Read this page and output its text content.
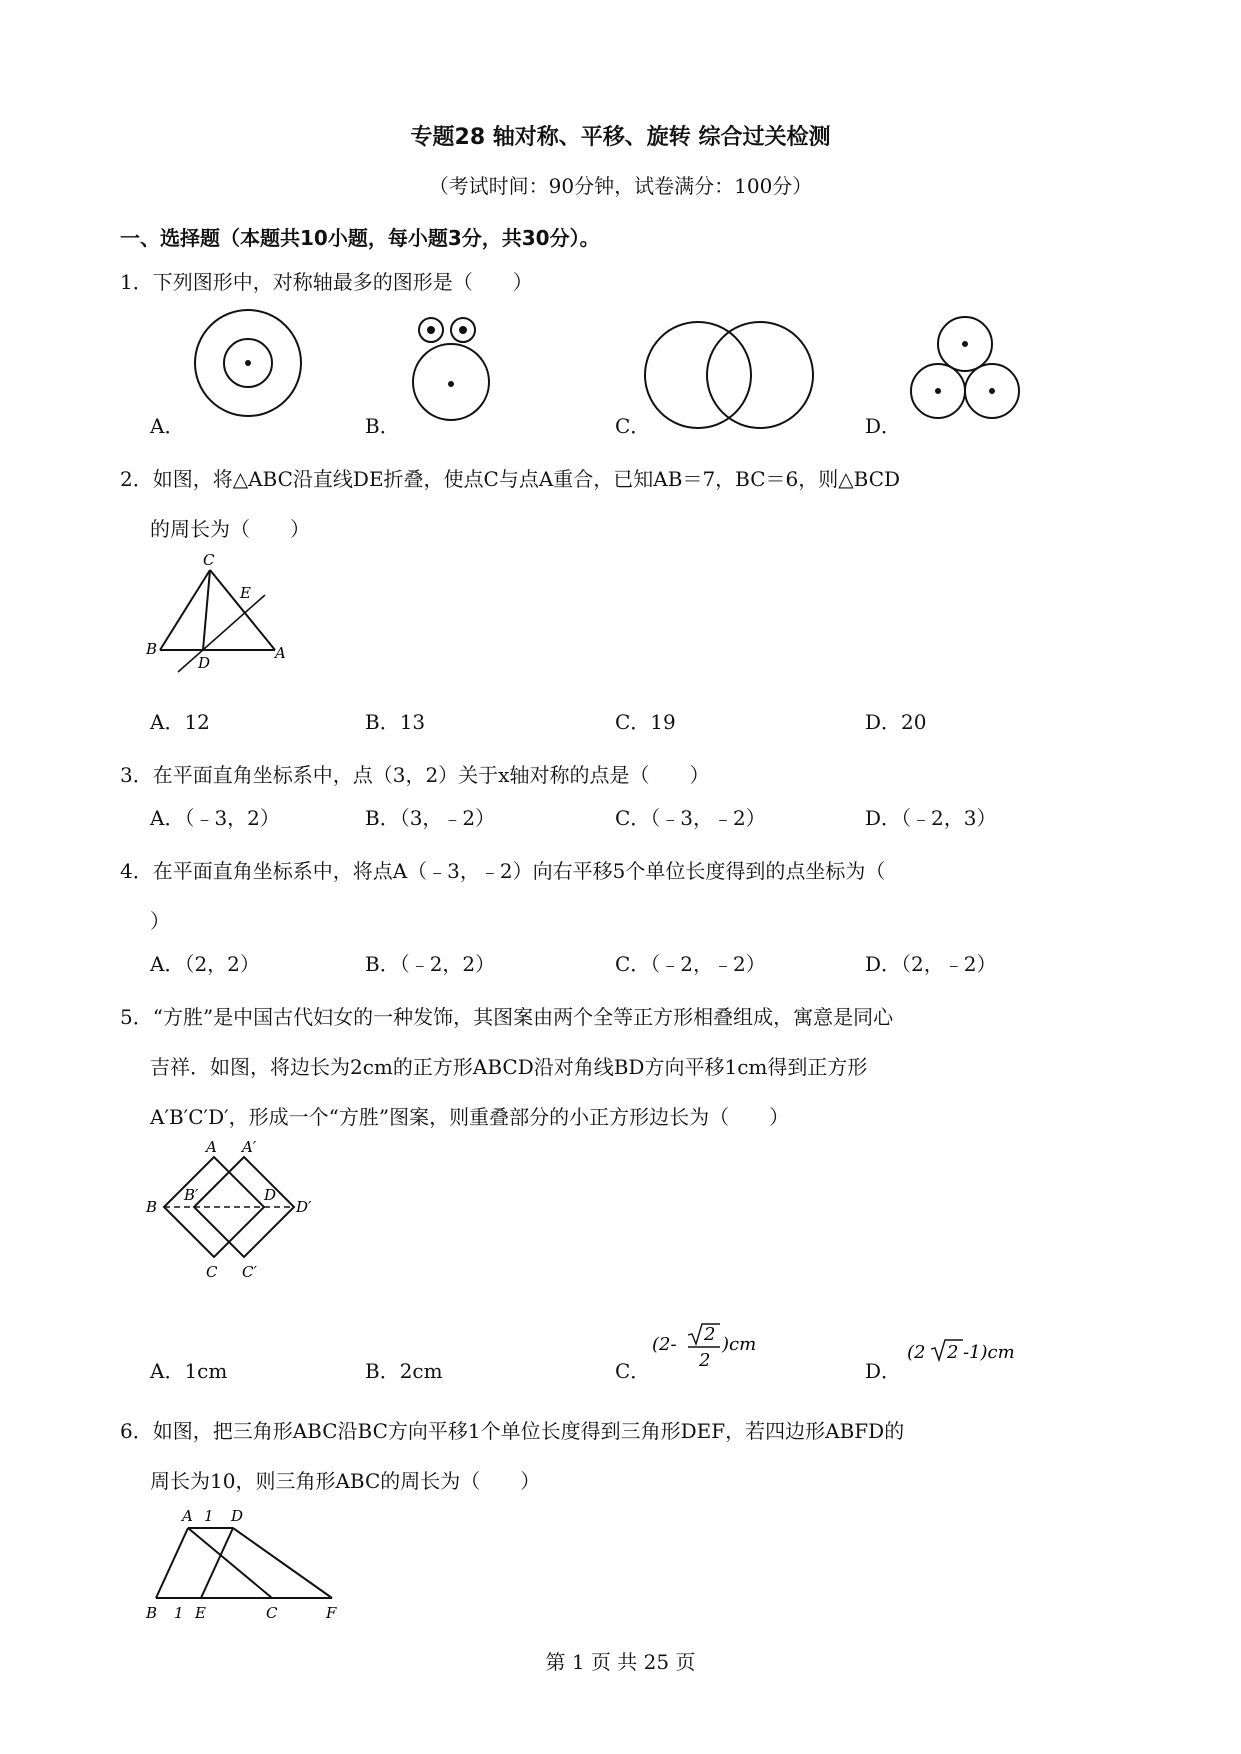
专题28 轴对称、平移、旋转 综合过关检测
（考试时间：90分钟，试卷满分：100分）
一、选择题（本题共10小题，每小题3分，共30分）。
1．下列图形中，对称轴最多的图形是（　　）
A．	B．	C．	D．
2．如图，将△ABC沿直线DE折叠，使点C与点A重合，已知AB＝7，BC＝6，则△BCD
的周长为（　　）
C
E
B
D
A
A．12	B．13	C．19	D．20
3．在平面直角坐标系中，点（3，2）关于x轴对称的点是（　　）
A．（﹣3，2）	B．（3，﹣2）	C．（﹣3，﹣2）	D．（﹣2，3）
4．在平面直角坐标系中，将点A（﹣3，﹣2）向右平移5个单位长度得到的点坐标为（
）
A．（2，2）	B．（﹣2，2）	C．（﹣2，﹣2）	D．（2，﹣2）
5．“方胜”是中国古代妇女的一种发饰，其图案由两个全等正方形相叠组成，寓意是同心
吉祥．如图，将边长为2cm的正方形ABCD沿对角线BD方向平移1cm得到正方形
A′B′C′D′，形成一个“方胜”图案，则重叠部分的小正方形边长为（　　）
A A′
B
B′	D
D′
C C′
A．1cm	B．2cm	C．	D．
(2- 2
2
)cm	(2 2 -1)cm
6．如图，把三角形ABC沿BC方向平移1个单位长度得到三角形DEF，若四边形ABFD的
周长为10，则三角形ABC的周长为（　　）
A 1 D
B 1 E	C	F
第 1 页 共 25 页
